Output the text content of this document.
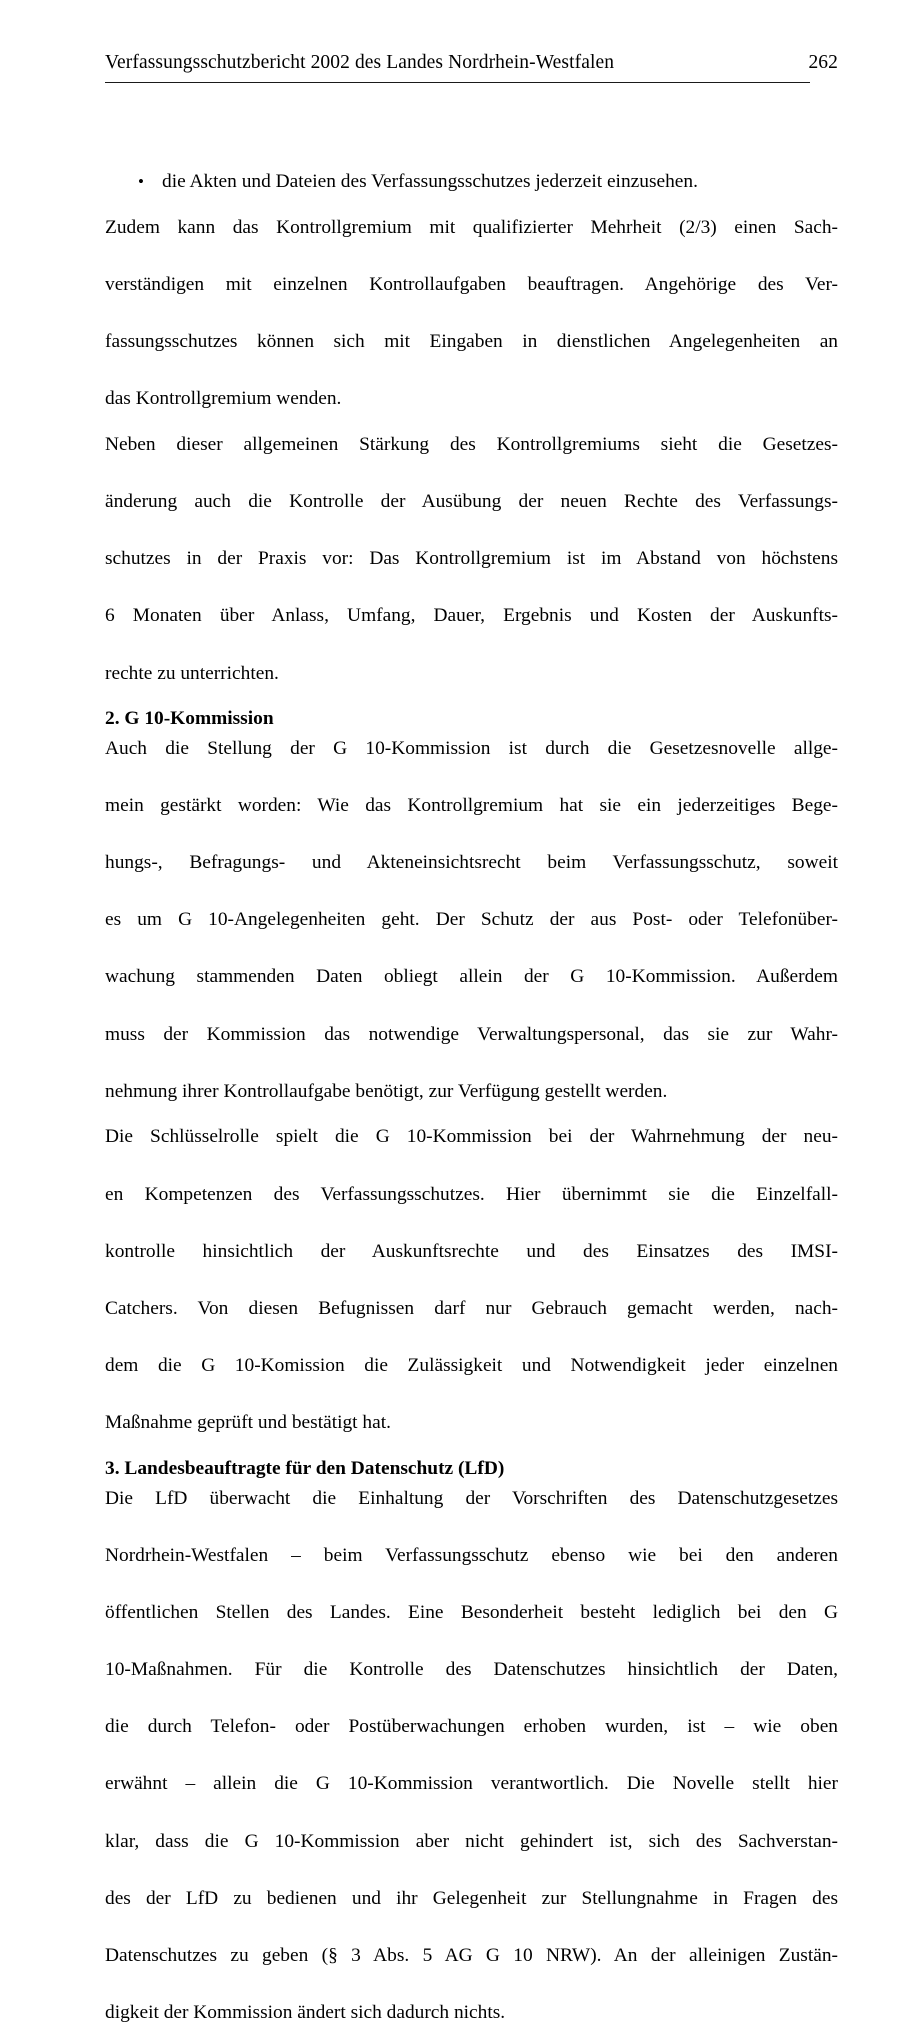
Verfassungsschutzbericht 2002 des Landes Nordrhein-Westfalen	262
• die Akten und Dateien des Verfassungsschutzes jederzeit einzusehen.

Zudem kann das Kontrollgremium mit qualifizierter Mehrheit (2/3) einen Sach-
verständigen mit einzelnen Kontrollaufgaben beauftragen. Angehörige des Ver-
fassungsschutzes können sich mit Eingaben in dienstlichen Angelegenheiten an
das Kontrollgremium wenden.

Neben dieser allgemeinen Stärkung des Kontrollgremiums sieht die Gesetzes-
änderung auch die Kontrolle der Ausübung der neuen Rechte des Verfassungs-
schutzes in der Praxis vor: Das Kontrollgremium ist im Abstand von höchstens
6 Monaten über Anlass, Umfang, Dauer, Ergebnis und Kosten der Auskunfts-
rechte zu unterrichten.

2. G 10-Kommission

Auch die Stellung der G 10-Kommission ist durch die Gesetzesnovelle allge-
mein gestärkt worden: Wie das Kontrollgremium hat sie ein jederzeitiges Bege-
hungs-, Befragungs- und Akteneinsichtsrecht beim Verfassungsschutz, soweit
es um G 10-Angelegenheiten geht. Der Schutz der aus Post- oder Telefonüber-
wachung stammenden Daten obliegt allein der G 10-Kommission. Außerdem
muss der Kommission das notwendige Verwaltungspersonal, das sie zur Wahr-
nehmung ihrer Kontrollaufgabe benötigt, zur Verfügung gestellt werden.

Die Schlüsselrolle spielt die G 10-Kommission bei der Wahrnehmung der neu-
en Kompetenzen des Verfassungsschutzes. Hier übernimmt sie die Einzelfall-
kontrolle hinsichtlich der Auskunftsrechte und des Einsatzes des IMSI-
Catchers. Von diesen Befugnissen darf nur Gebrauch gemacht werden, nach-
dem die G 10-Komission die Zulässigkeit und Notwendigkeit jeder einzelnen
Maßnahme geprüft und bestätigt hat.

3. Landesbeauftragte für den Datenschutz (LfD)

Die LfD überwacht die Einhaltung der Vorschriften des Datenschutzgesetzes
Nordrhein-Westfalen – beim Verfassungsschutz ebenso wie bei den anderen
öffentlichen Stellen des Landes. Eine Besonderheit besteht lediglich bei den G
10-Maßnahmen. Für die Kontrolle des Datenschutzes hinsichtlich der Daten,
die durch Telefon- oder Postüberwachungen erhoben wurden, ist – wie oben
erwähnt – allein die G 10-Kommission verantwortlich. Die Novelle stellt hier
klar, dass die G 10-Kommission aber nicht gehindert ist, sich des Sachverstan-
des der LfD zu bedienen und ihr Gelegenheit zur Stellungnahme in Fragen des
Datenschutzes zu geben (§ 3 Abs. 5 AG G 10 NRW). An der alleinigen Zustän-
digkeit der Kommission ändert sich dadurch nichts.
